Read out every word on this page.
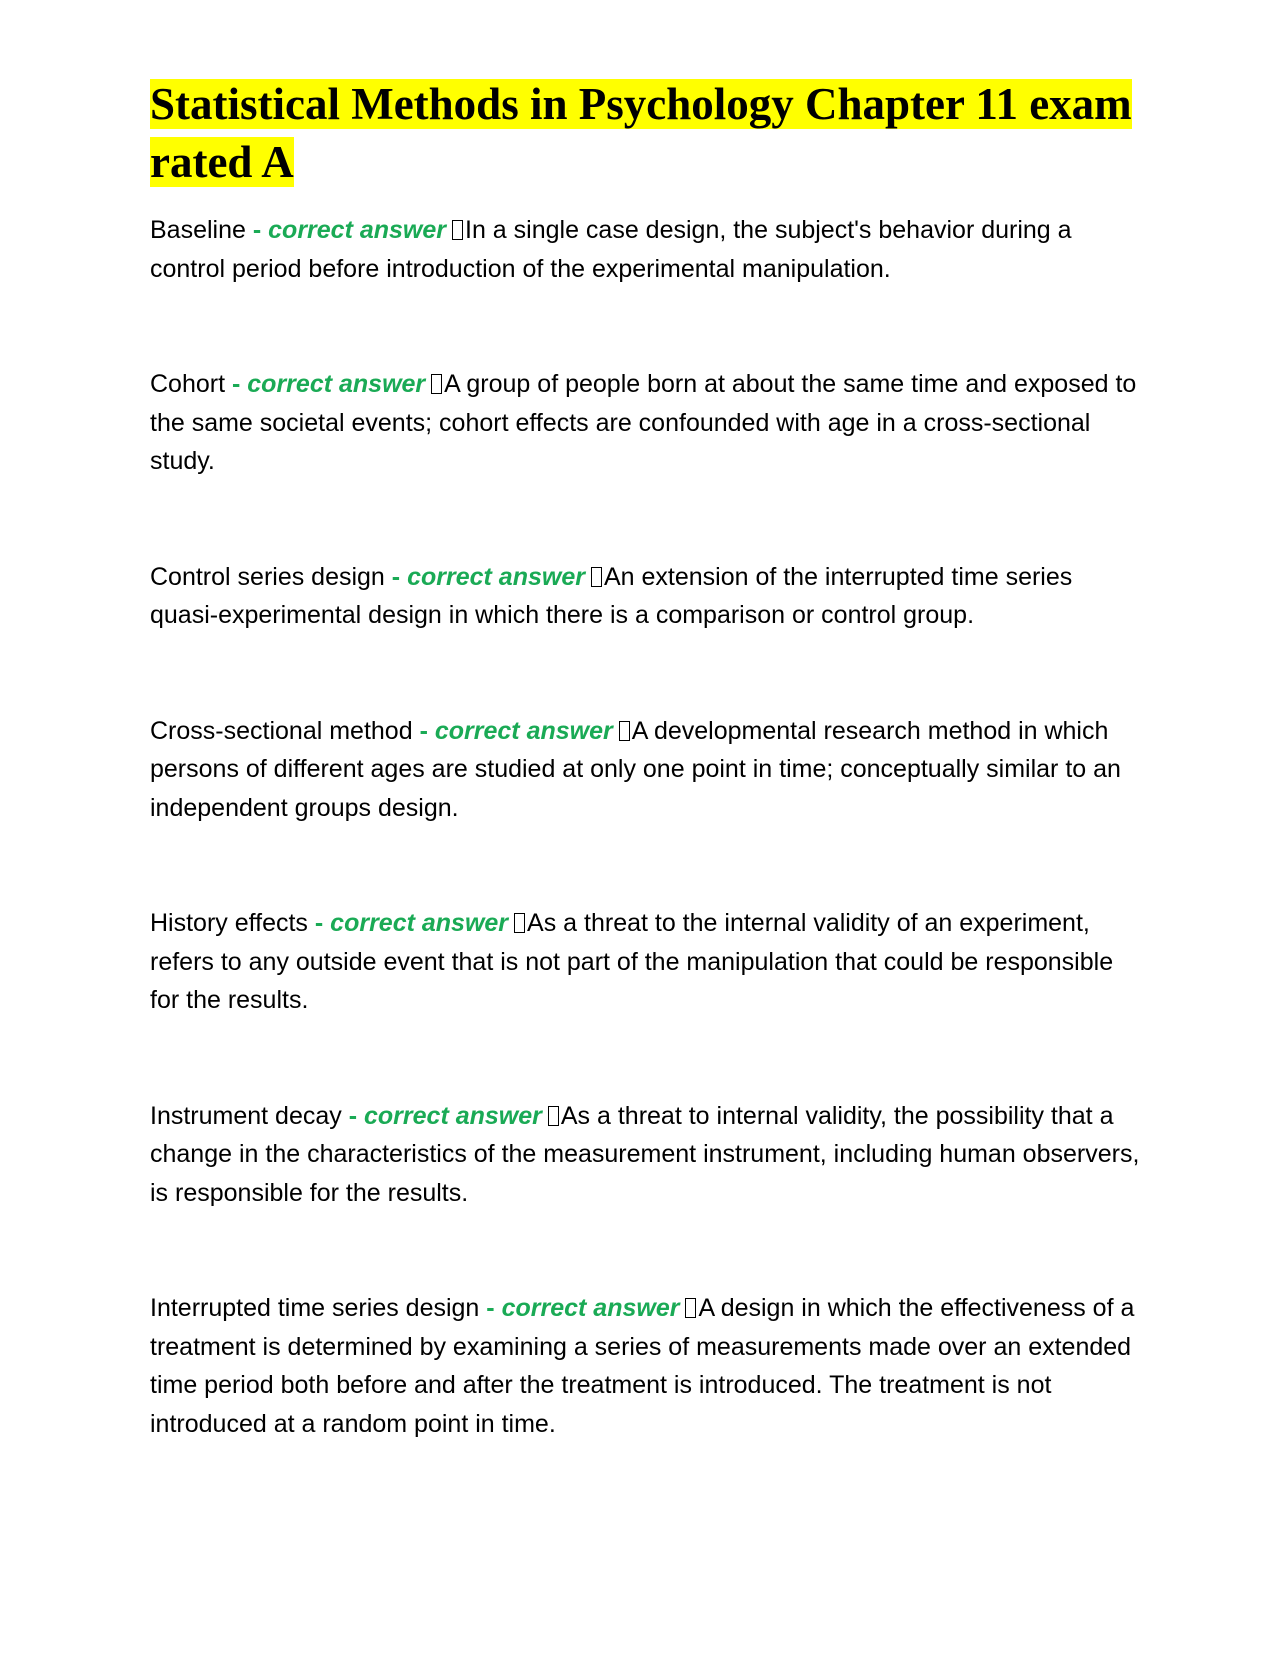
Statistical Methods in Psychology Chapter 11 exam rated A

Baseline - correct answer In a single case design, the subject's behavior during a control period before introduction of the experimental manipulation.

Cohort - correct answer A group of people born at about the same time and exposed to the same societal events; cohort effects are confounded with age in a cross-sectional study.

Control series design - correct answer An extension of the interrupted time series quasi-experimental design in which there is a comparison or control group.

Cross-sectional method - correct answer A developmental research method in which persons of different ages are studied at only one point in time; conceptually similar to an independent groups design.

History effects - correct answer As a threat to the internal validity of an experiment, refers to any outside event that is not part of the manipulation that could be responsible for the results.

Instrument decay - correct answer As a threat to internal validity, the possibility that a change in the characteristics of the measurement instrument, including human observers, is responsible for the results.

Interrupted time series design - correct answer A design in which the effectiveness of a treatment is determined by examining a series of measurements made over an extended time period both before and after the treatment is introduced. The treatment is not introduced at a random point in time.
